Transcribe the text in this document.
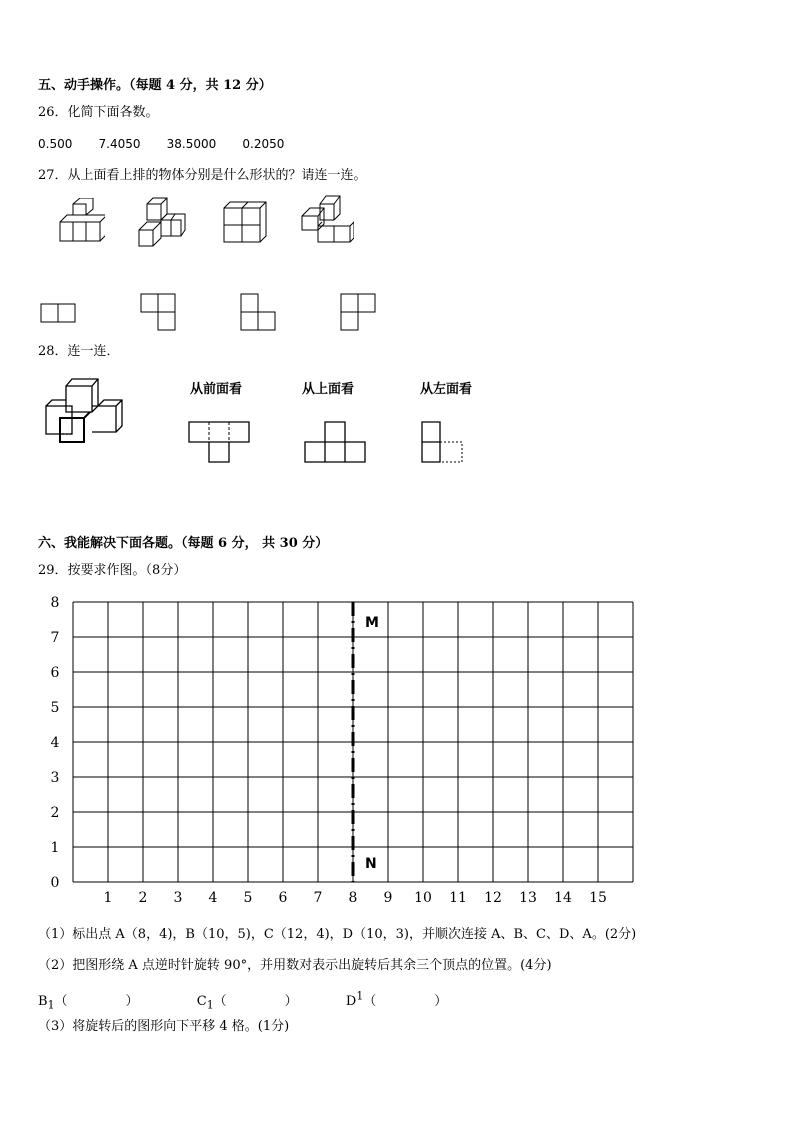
五、动手操作。（每题 4 分，共 12 分）
26．化简下面各数。
0.500 7.4050 38.5000 0.2050
27．从上面看上排的物体分别是什么形状的？请连一连。
28．连一连．
从前面看	从上面看	从左面看
六、我能解决下面各题。（每题 6 分， 共 30 分）
29．按要求作图。（8分）
M
N
1 2 3 4 5 6 7 8 9 10 11 12 13 14 15
0
1
2
3
4
5
6
7
8
（1）标出点 A（8，4)，B（10，5)，C（12，4)，D（10，3)，并顺次连接 A、B、C、D、A。(2分)
（2）把图形绕 A 点逆时针旋转 90°，并用数对表示出旋转后其余三个顶点的位置。(4分)
$B_1$（	）	$C_1$（	）	$D^1$（	）
（3）将旋转后的图形向下平移 4 格。(1分)
